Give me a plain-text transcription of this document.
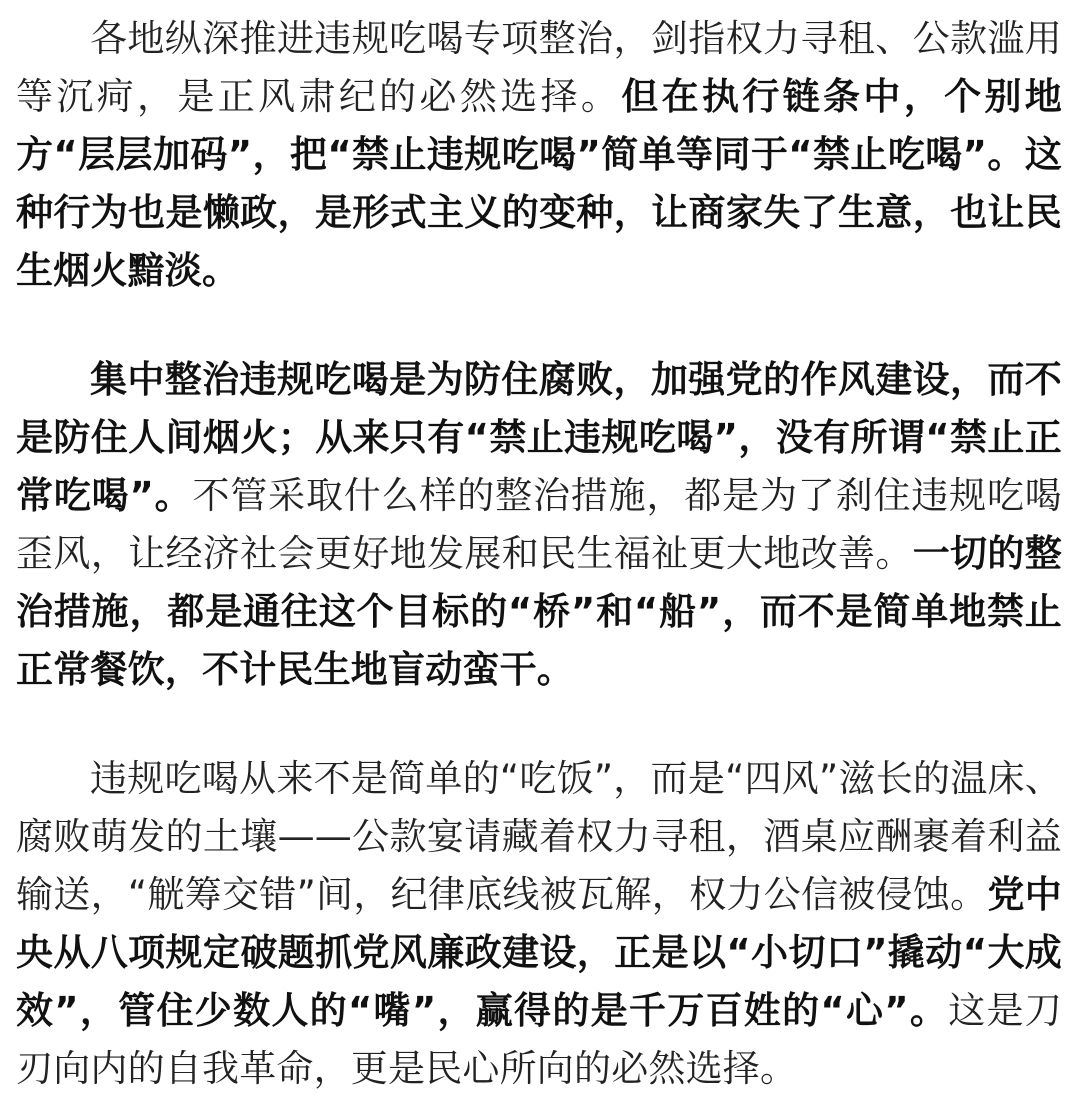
各地纵深推进违规吃喝专项整治，剑指权力寻租、公款滥用等沉疴，是正风肃纪的必然选择。但在执行链条中，个别地方“层层加码”，把“禁止违规吃喝”简单等同于“禁止吃喝”。这种行为也是懒政，是形式主义的变种，让商家失了生意，也让民生烟火黯淡。

集中整治违规吃喝是为防住腐败，加强党的作风建设，而不是防住人间烟火；从来只有“禁止违规吃喝”，没有所谓“禁止正常吃喝”。不管采取什么样的整治措施，都是为了刹住违规吃喝歪风，让经济社会更好地发展和民生福祉更大地改善。一切的整治措施，都是通往这个目标的“桥”和“船”，而不是简单地禁止正常餐饮，不计民生地盲动蛮干。

违规吃喝从来不是简单的“吃饭”，而是“四风”滋长的温床、腐败萌发的土壤——公款宴请藏着权力寻租，酒桌应酬裹着利益输送，“觥筹交错”间，纪律底线被瓦解，权力公信被侵蚀。党中央从八项规定破题抓党风廉政建设，正是以“小切口”撬动“大成效”，管住少数人的“嘴”，赢得的是千万百姓的“心”。这是刀刃向内的自我革命，更是民心所向的必然选择。
